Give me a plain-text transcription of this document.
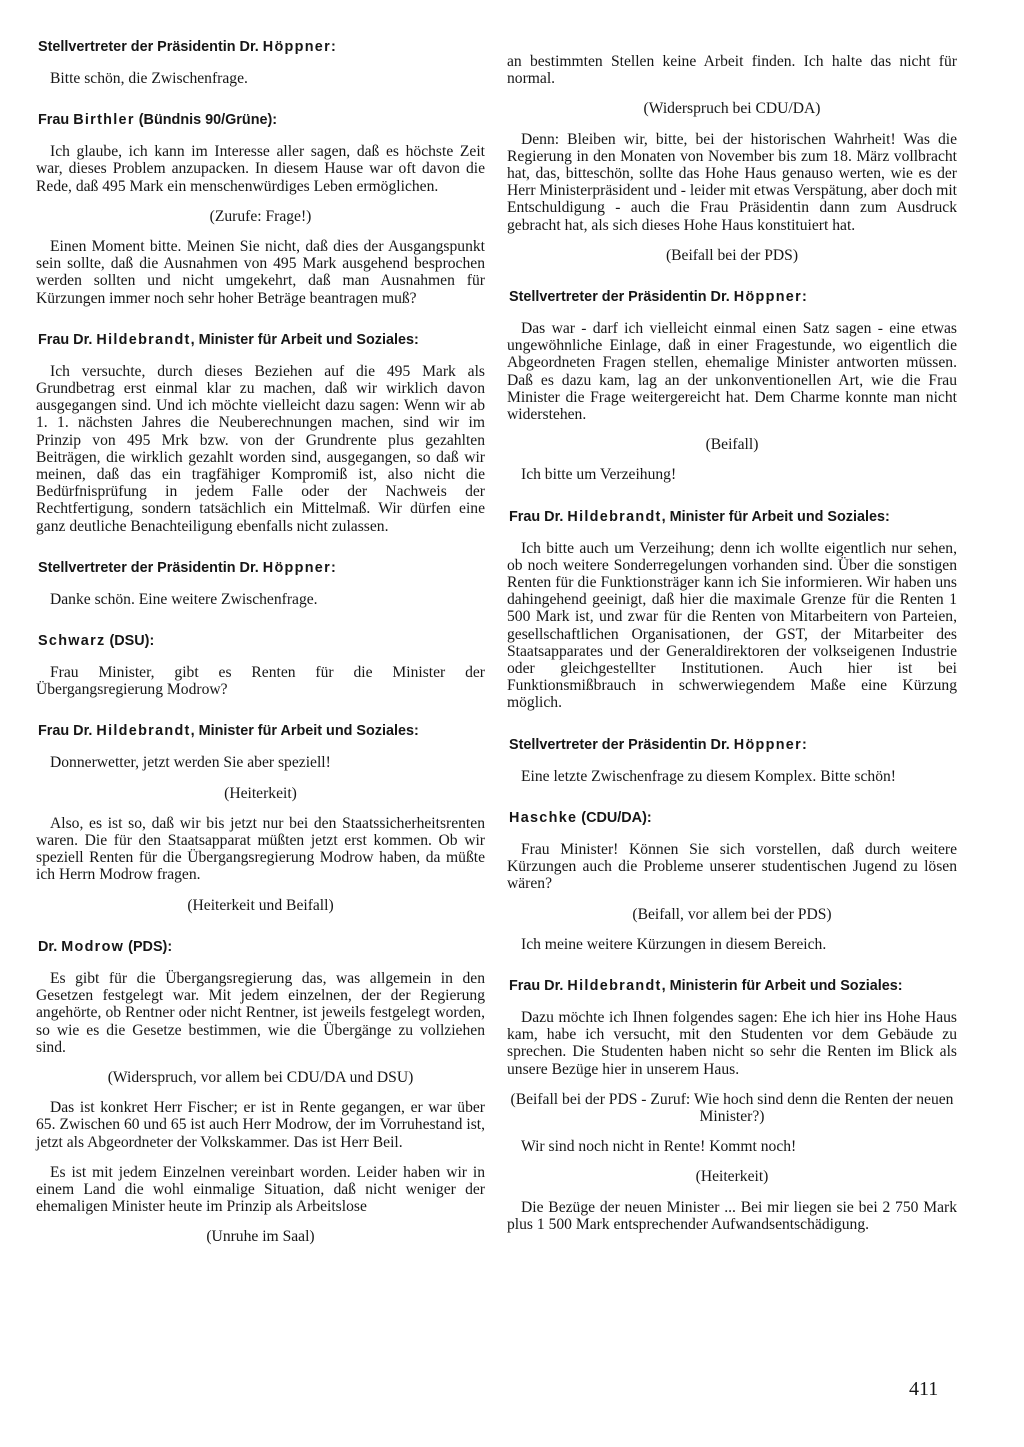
Stellvertreter der Präsidentin Dr. Höppner:
Bitte schön, die Zwischenfrage.
Frau Birthler (Bündnis 90/Grüne):
Ich glaube, ich kann im Interesse aller sagen, daß es höchste Zeit war, dieses Problem anzupacken. In diesem Hause war oft davon die Rede, daß 495 Mark ein menschenwürdiges Leben ermöglichen.
(Zurufe: Frage!)
Einen Moment bitte. Meinen Sie nicht, daß dies der Ausgangspunkt sein sollte, daß die Ausnahmen von 495 Mark ausgehend besprochen werden sollten und nicht umgekehrt, daß man Ausnahmen für Kürzungen immer noch sehr hoher Beträge beantragen muß?
Frau Dr. Hildebrandt, Minister für Arbeit und Soziales:
Ich versuchte, durch dieses Beziehen auf die 495 Mark als Grundbetrag erst einmal klar zu machen, daß wir wirklich davon ausgegangen sind. Und ich möchte vielleicht dazu sagen: Wenn wir ab 1. 1. nächsten Jahres die Neuberechnungen machen, sind wir im Prinzip von 495 Mrk bzw. von der Grundrente plus gezahlten Beiträgen, die wirklich gezahlt worden sind, ausgegangen, so daß wir meinen, daß das ein tragfähiger Kompromiß ist, also nicht die Bedürfnisprüfung in jedem Falle oder der Nachweis der Rechtfertigung, sondern tatsächlich ein Mittelmaß. Wir dürfen eine ganz deutliche Benachteiligung ebenfalls nicht zulassen.
Stellvertreter der Präsidentin Dr. Höppner:
Danke schön. Eine weitere Zwischenfrage.
Schwarz (DSU):
Frau Minister, gibt es Renten für die Minister der Übergangsregierung Modrow?
Frau Dr. Hildebrandt, Minister für Arbeit und Soziales:
Donnerwetter, jetzt werden Sie aber speziell!
(Heiterkeit)
Also, es ist so, daß wir bis jetzt nur bei den Staatssicherheitsrenten waren. Die für den Staatsapparat müßten jetzt erst kommen. Ob wir speziell Renten für die Übergangsregierung Modrow haben, da müßte ich Herrn Modrow fragen.
(Heiterkeit und Beifall)
Dr. Modrow (PDS):
Es gibt für die Übergangsregierung das, was allgemein in den Gesetzen festgelegt war. Mit jedem einzelnen, der der Regierung angehörte, ob Rentner oder nicht Rentner, ist jeweils festgelegt worden, so wie es die Gesetze bestimmen, wie die Übergänge zu vollziehen sind.
(Widerspruch, vor allem bei CDU/DA und DSU)
Das ist konkret Herr Fischer; er ist in Rente gegangen, er war über 65. Zwischen 60 und 65 ist auch Herr Modrow, der im Vorruhestand ist, jetzt als Abgeordneter der Volkskammer. Das ist Herr Beil.
Es ist mit jedem Einzelnen vereinbart worden. Leider haben wir in einem Land die wohl einmalige Situation, daß nicht weniger der ehemaligen Minister heute im Prinzip als Arbeitslose
(Unruhe im Saal)
an bestimmten Stellen keine Arbeit finden. Ich halte das nicht für normal.
(Widerspruch bei CDU/DA)
Denn: Bleiben wir, bitte, bei der historischen Wahrheit! Was die Regierung in den Monaten von November bis zum 18. März vollbracht hat, das, bitteschön, sollte das Hohe Haus genauso werten, wie es der Herr Ministerpräsident und - leider mit etwas Verspätung, aber doch mit Entschuldigung - auch die Frau Präsidentin dann zum Ausdruck gebracht hat, als sich dieses Hohe Haus konstituiert hat.
(Beifall bei der PDS)
Stellvertreter der Präsidentin Dr. Höppner:
Das war - darf ich vielleicht einmal einen Satz sagen - eine etwas ungewöhnliche Einlage, daß in einer Fragestunde, wo eigentlich die Abgeordneten Fragen stellen, ehemalige Minister antworten müssen. Daß es dazu kam, lag an der unkonventionellen Art, wie die Frau Minister die Frage weitergereicht hat. Dem Charme konnte man nicht widerstehen.
(Beifall)
Ich bitte um Verzeihung!
Frau Dr. Hildebrandt, Minister für Arbeit und Soziales:
Ich bitte auch um Verzeihung; denn ich wollte eigentlich nur sehen, ob noch weitere Sonderregelungen vorhanden sind. Über die sonstigen Renten für die Funktionsträger kann ich Sie informieren. Wir haben uns dahingehend geeinigt, daß hier die maximale Grenze für die Renten 1 500 Mark ist, und zwar für die Renten von Mitarbeitern von Parteien, gesellschaftlichen Organisationen, der GST, der Mitarbeiter des Staatsapparates und der Generaldirektoren der volkseigenen Industrie oder gleichgestellter Institutionen. Auch hier ist bei Funktionsmißbrauch in schwerwiegendem Maße eine Kürzung möglich.
Stellvertreter der Präsidentin Dr. Höppner:
Eine letzte Zwischenfrage zu diesem Komplex. Bitte schön!
Haschke (CDU/DA):
Frau Minister! Können Sie sich vorstellen, daß durch weitere Kürzungen auch die Probleme unserer studentischen Jugend zu lösen wären?
(Beifall, vor allem bei der PDS)
Ich meine weitere Kürzungen in diesem Bereich.
Frau Dr. Hildebrandt, Ministerin für Arbeit und Soziales:
Dazu möchte ich Ihnen folgendes sagen: Ehe ich hier ins Hohe Haus kam, habe ich versucht, mit den Studenten vor dem Gebäude zu sprechen. Die Studenten haben nicht so sehr die Renten im Blick als unsere Bezüge hier in unserem Haus.
(Beifall bei der PDS - Zuruf: Wie hoch sind denn die Renten der neuen Minister?)
Wir sind noch nicht in Rente! Kommt noch!
(Heiterkeit)
Die Bezüge der neuen Minister ... Bei mir liegen sie bei 2 750 Mark plus 1 500 Mark entsprechender Aufwandsentschädigung.
411
